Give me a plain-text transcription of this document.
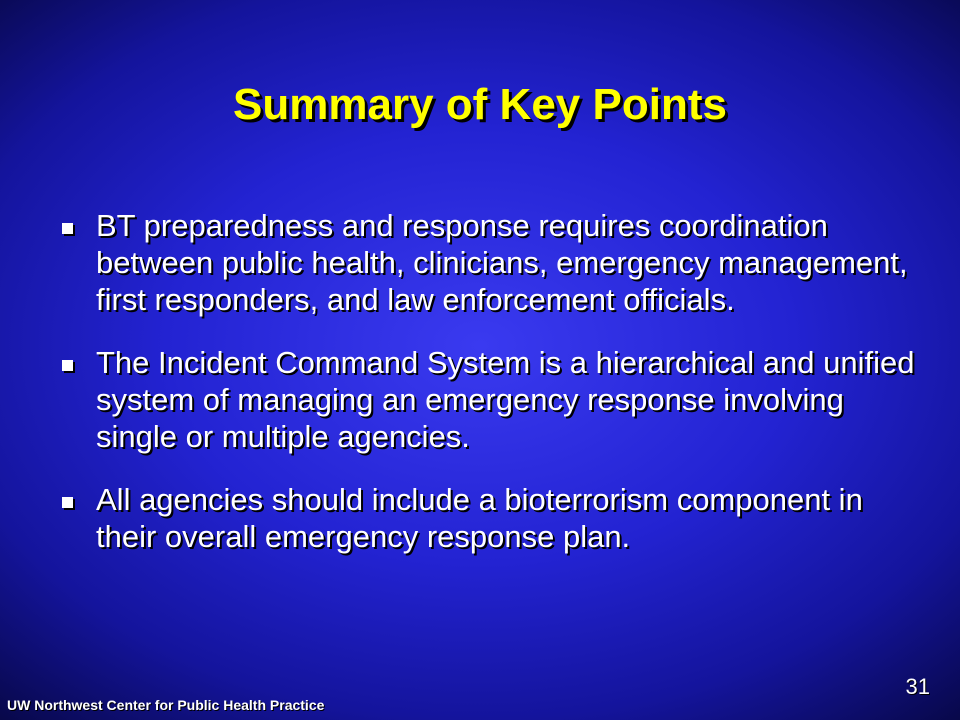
Summary of Key Points
BT preparedness and response requires coordination between public health, clinicians, emergency management, first responders, and law enforcement officials.
The Incident Command System is a hierarchical and unified system of managing an emergency response involving single or multiple agencies.
All agencies should include a bioterrorism component in their overall emergency response plan.
31
UW Northwest Center for Public Health Practice
